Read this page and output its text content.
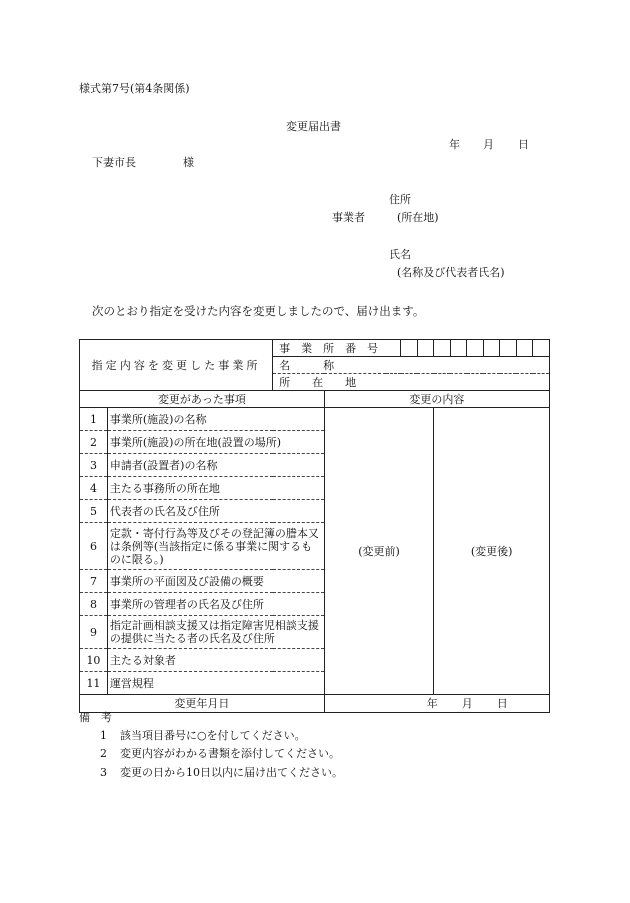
様式第7号(第4条関係)
変更届出書
年 月 日
下妻市長	様
住所
事業者	(所在地)
氏名
(名称及び代表者氏名)
次のとおり指定を受けた内容を変更しましたので、届け出ます。
指定内容を変更した事業所		事　業　所　番　号										
		名　　　称										
		所　　在　　地										
変更があった事項			変更の内容									
1	事業所(施設)の名称		(変更前)			(変更後)						
2	事業所(施設)の所在地(設置の場所)											
3	申請者(設置者)の名称											
4	主たる事務所の所在地											
5	代表者の氏名及び住所											
6	定款・寄付行為等及びその登記簿の謄本又は条例等(当該指定に係る事業に関するものに限る。)											
7	事業所の平面図及び設備の概要											
8	事業所の管理者の氏名及び住所											
9	指定計画相談支援又は指定障害児相談支援の提供に当たる者の氏名及び住所											
10	主たる対象者											
11	運営規程											
変更年月日			年 月 日									
備　考
1 該当項目番号に○を付してください。
2 変更内容がわかる書類を添付してください。
3 変更の日から10日以内に届け出てください。
